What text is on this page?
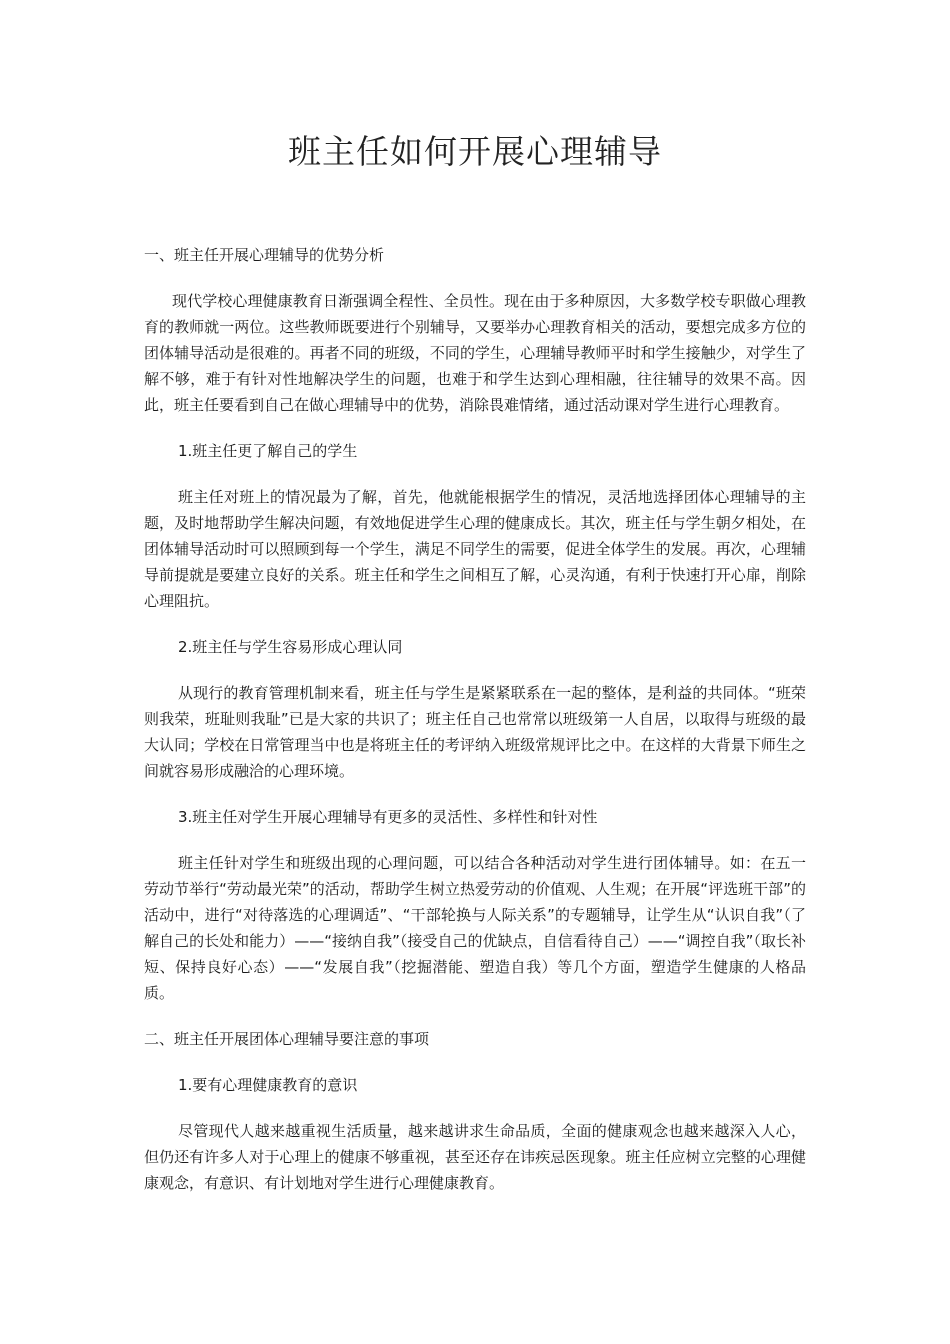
班主任如何开展心理辅导

一、班主任开展心理辅导的优势分析

现代学校心理健康教育日渐强调全程性、全员性。现在由于多种原因，大多数学校专职做心理教育的教师就一两位。这些教师既要进行个别辅导，又要举办心理教育相关的活动，要想完成多方位的团体辅导活动是很难的。再者不同的班级，不同的学生，心理辅导教师平时和学生接触少，对学生了解不够，难于有针对性地解决学生的问题，也难于和学生达到心理相融，往往辅导的效果不高。因此，班主任要看到自己在做心理辅导中的优势，消除畏难情绪，通过活动课对学生进行心理教育。

1.班主任更了解自己的学生

班主任对班上的情况最为了解，首先，他就能根据学生的情况，灵活地选择团体心理辅导的主题，及时地帮助学生解决问题，有效地促进学生心理的健康成长。其次，班主任与学生朝夕相处，在团体辅导活动时可以照顾到每一个学生，满足不同学生的需要，促进全体学生的发展。再次，心理辅导前提就是要建立良好的关系。班主任和学生之间相互了解，心灵沟通，有利于快速打开心扉，削除心理阻抗。

2.班主任与学生容易形成心理认同

从现行的教育管理机制来看，班主任与学生是紧紧联系在一起的整体，是利益的共同体。“班荣则我荣，班耻则我耻”已是大家的共识了；班主任自己也常常以班级第一人自居，以取得与班级的最大认同；学校在日常管理当中也是将班主任的考评纳入班级常规评比之中。在这样的大背景下师生之间就容易形成融洽的心理环境。

3.班主任对学生开展心理辅导有更多的灵活性、多样性和针对性

班主任针对学生和班级出现的心理问题，可以结合各种活动对学生进行团体辅导。如：在五一劳动节举行“劳动最光荣”的活动，帮助学生树立热爱劳动的价值观、人生观；在开展“评选班干部”的活动中，进行“对待落选的心理调适”、“干部轮换与人际关系”的专题辅导，让学生从“认识自我”（了解自己的长处和能力）——“接纳自我”（接受自己的优缺点，自信看待自己）——“调控自我”（取长补短、保持良好心态）——“发展自我”（挖掘潜能、塑造自我）等几个方面，塑造学生健康的人格品质。

二、班主任开展团体心理辅导要注意的事项

1.要有心理健康教育的意识

尽管现代人越来越重视生活质量，越来越讲求生命品质，全面的健康观念也越来越深入人心，但仍还有许多人对于心理上的健康不够重视，甚至还存在讳疾忌医现象。班主任应树立完整的心理健康观念，有意识、有计划地对学生进行心理健康教育。
